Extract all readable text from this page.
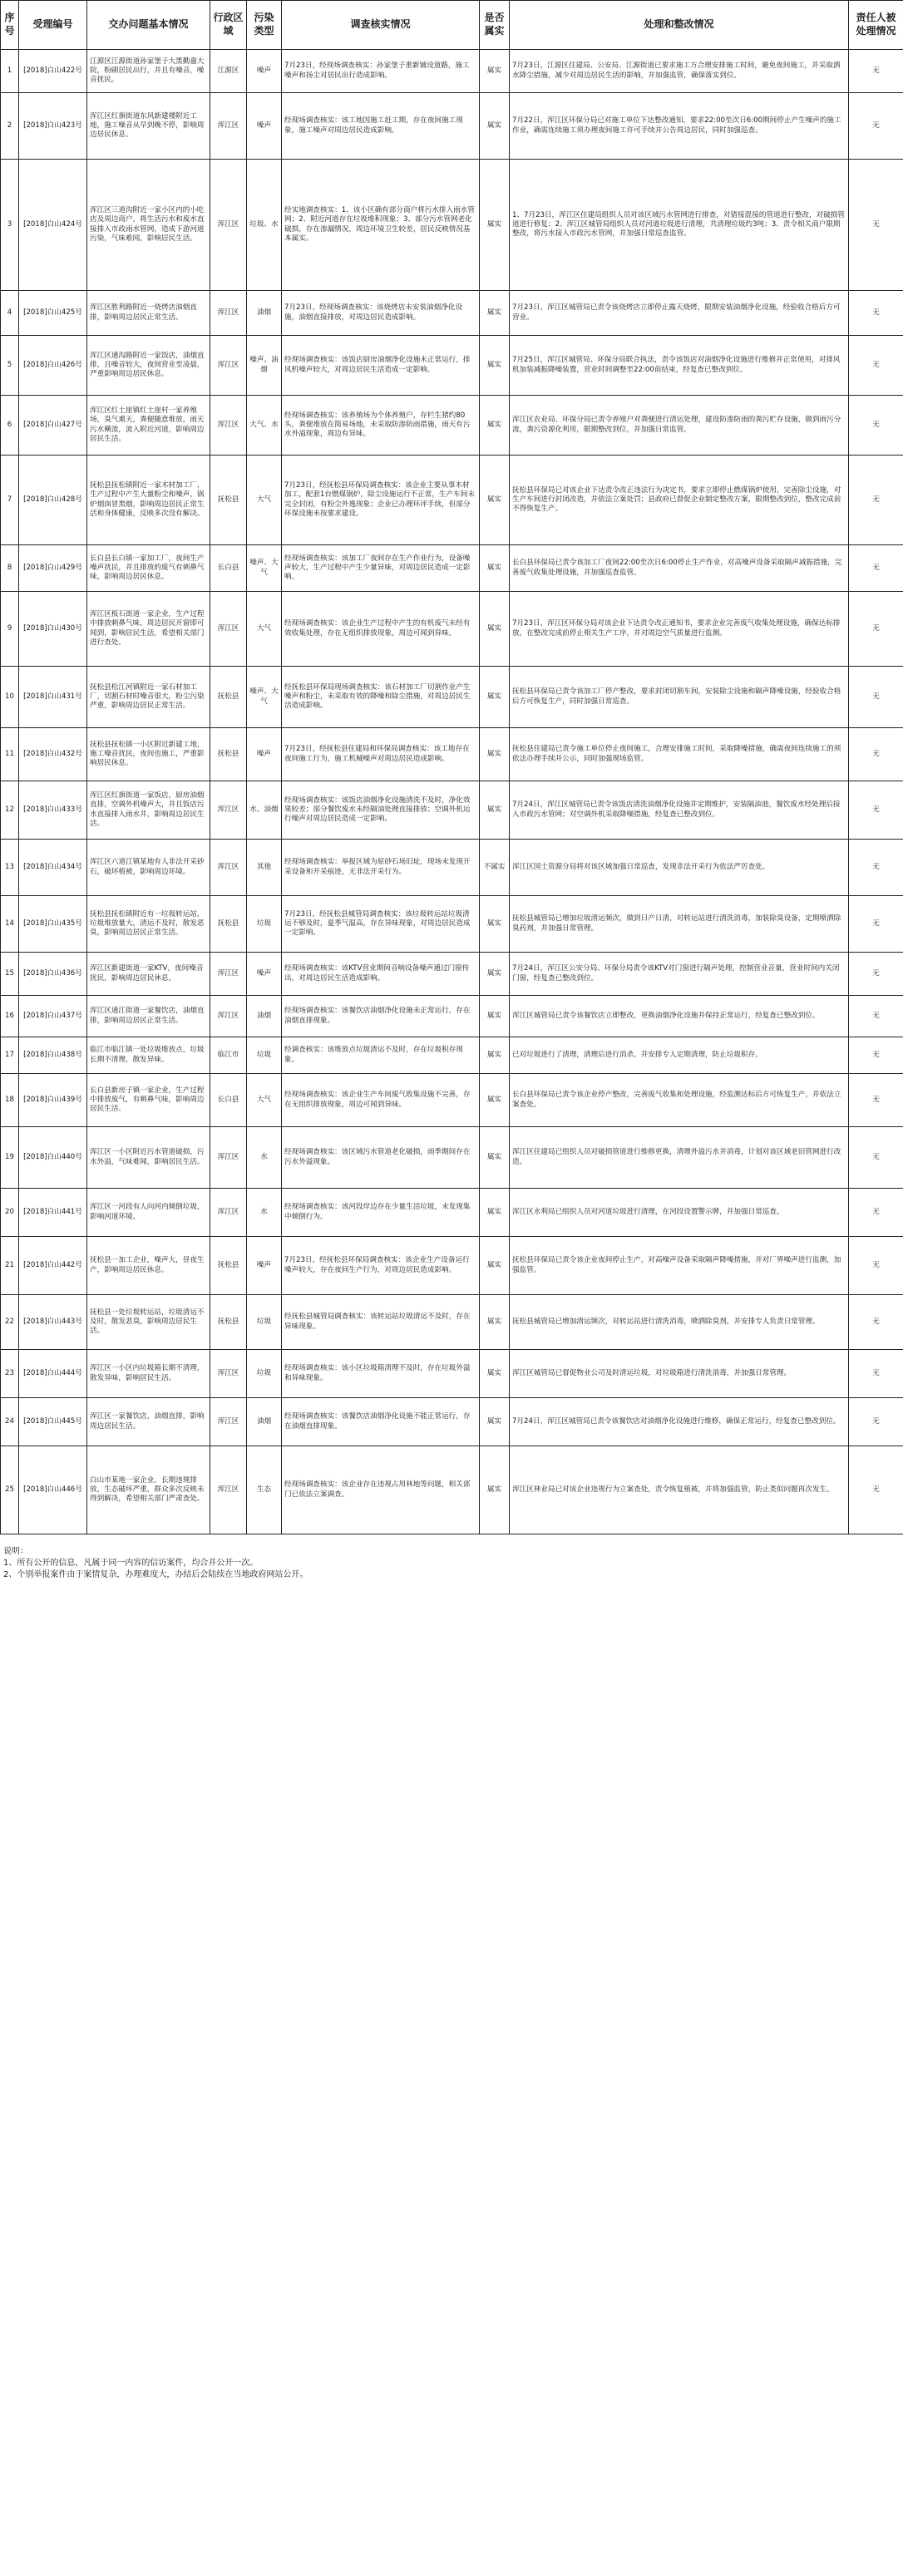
序号	受理编号	交办问题基本情况	行政区域	污染类型	调查核实情况	是否属实	处理和整改情况	责任人被处理情况
1	[2018]白山422号	江源区江源街道孙家堡子大黑勤嘉大院，粉刷居民出行，并且有噪音，噪音扰民。	江源区	噪声	7月23日，经现场调查核实：孙家堡子重新铺设道路，施工噪声和扬尘对居民出行造成影响。	属实	7月23日，江源区住建局、公安局、江源街道已要求施工方合理安排施工时间，避免夜间施工，并采取洒水降尘措施，减少对周边居民生活的影响，并加强监管，确保落实到位。	无
2	[2018]白山423号	浑江区红旗街道东风新建楼附近工地，施工噪音从早到晚不停，影响周边居民休息。	浑江区	噪声	经现场调查核实：该工地因施工赶工期，存在夜间施工现象，施工噪声对周边居民造成影响。	属实	7月22日，浑江区环保分局已对施工单位下达整改通知，要求22:00至次日6:00期间停止产生噪声的施工作业，确需连续施工须办理夜间施工许可手续并公告周边居民，同时加强巡查。	无
3	[2018]白山424号	浑江区三道沟附近一家小区内的小吃店及周边商户，将生活污水和废水直接排入市政雨水管网，造成下游河道污染，气味难闻，影响居民生活。	浑江区	垃圾、水	经实地调查核实：1、该小区确有部分商户将污水排入雨水管网；2、附近河道存在垃圾堆积现象；3、部分污水管网老化破损，存在渗漏情况，周边环境卫生较差，居民反映情况基本属实。	属实	1、7月23日，浑江区住建局组织人员对该区域污水管网进行排查，对错接混接的管道进行整改，对破损管道进行修复；2、浑江区城管局组织人员对河道垃圾进行清理，共清理垃圾约3吨；3、责令相关商户限期整改，将污水接入市政污水管网，并加强日常巡查监管。	无
4	[2018]白山425号	浑江区胜利路附近一烧烤店油烟直排，影响周边居民正常生活。	浑江区	油烟	7月23日，经现场调查核实：该烧烤店未安装油烟净化设施，油烟直接排放，对周边居民造成影响。	属实	7月23日，浑江区城管局已责令该烧烤店立即停止露天烧烤，限期安装油烟净化设施，经验收合格后方可营业。	无
5	[2018]白山426号	浑江区通沟路附近一家饭店，油烟直排，且噪音较大，夜间营业至凌晨，严重影响周边居民休息。	浑江区	噪声、油烟	经现场调查核实：该饭店厨房油烟净化设施未正常运行，排风机噪声较大，对周边居民生活造成一定影响。	属实	7月25日，浑江区城管局、环保分局联合执法，责令该饭店对油烟净化设施进行维修并正常使用，对排风机加装减振降噪装置，营业时间调整至22:00前结束，经复查已整改到位。	无
6	[2018]白山427号	浑江区红土崖镇红土崖村一家养殖场，臭气熏天，粪便随意堆放，雨天污水横流，流入附近河道，影响周边居民生活。	浑江区	大气、水	经现场调查核实：该养殖场为个体养殖户，存栏生猪约80头，粪便堆放在简易场地，未采取防渗防雨措施，雨天有污水外溢现象，周边有异味。	属实	浑江区农业局、环保分局已责令养殖户对粪便进行清运处理，建设防渗防雨的粪污贮存设施，做到雨污分流，粪污资源化利用，限期整改到位，并加强日常监管。	无
7	[2018]白山428号	抚松县抚松镇附近一家木材加工厂，生产过程中产生大量粉尘和噪声，锅炉烟囱冒黑烟，影响周边居民正常生活和身体健康，反映多次没有解决。	抚松县	大气	7月23日，经抚松县环保局调查核实：该企业主要从事木材加工，配套1台燃煤锅炉，除尘设施运行不正常，生产车间未完全封闭，有粉尘外逸现象；企业已办理环评手续，但部分环保设施未按要求建设。	属实	抚松县环保局已对该企业下达责令改正违法行为决定书，要求立即停止燃煤锅炉使用，完善除尘设施，对生产车间进行封闭改造，并依法立案处罚；县政府已督促企业制定整改方案，限期整改到位，整改完成前不得恢复生产。	无
8	[2018]白山429号	长白县长白镇一家加工厂，夜间生产噪声扰民，并且排放的废气有刺鼻气味，影响周边居民休息。	长白县	噪声、大气	经现场调查核实：该加工厂夜间存在生产作业行为，设备噪声较大，生产过程中产生少量异味，对周边居民造成一定影响。	属实	长白县环保局已责令该加工厂夜间22:00至次日6:00停止生产作业，对高噪声设备采取隔声减振措施，完善废气收集处理设施，并加强巡查监管。	无
9	[2018]白山430号	浑江区板石街道一家企业，生产过程中排放刺鼻气味，周边居民开窗即可闻到，影响居民生活，希望相关部门进行查处。	浑江区	大气	经现场调查核实：该企业生产过程中产生的有机废气未经有效收集处理，存在无组织排放现象，周边可闻到异味。	属实	7月23日，浑江区环保分局对该企业下达责令改正通知书，要求企业完善废气收集处理设施，确保达标排放，在整改完成前停止相关生产工序，并对周边空气质量进行监测。	无
10	[2018]白山431号	抚松县松江河镇附近一家石材加工厂，切割石材时噪音很大，粉尘污染严重，影响周边居民正常生活。	抚松县	噪声、大气	经抚松县环保局现场调查核实：该石材加工厂切割作业产生噪声和粉尘，未采取有效的降噪和除尘措施，对周边居民生活造成影响。	属实	抚松县环保局已责令该加工厂停产整改，要求封闭切割车间，安装除尘设施和隔声降噪设施，经验收合格后方可恢复生产，同时加强日常巡查。	无
11	[2018]白山432号	抚松县抚松镇一小区附近新建工地，施工噪音扰民，夜间也施工，严重影响居民休息。	抚松县	噪声	7月23日，经抚松县住建局和环保局调查核实：该工地存在夜间施工行为，施工机械噪声对周边居民造成影响。	属实	抚松县住建局已责令施工单位停止夜间施工，合理安排施工时间，采取降噪措施，确需夜间连续施工的须依法办理手续并公示，同时加强现场监管。	无
12	[2018]白山433号	浑江区红旗街道一家饭店，厨房油烟直排，空调外机噪声大，并且饭店污水直接排入雨水井，影响周边居民生活。	浑江区	水、油烟	经现场调查核实：该饭店油烟净化设施清洗不及时，净化效果较差；部分餐饮废水未经隔油处理直接排放；空调外机运行噪声对周边居民造成一定影响。	属实	7月24日，浑江区城管局已责令该饭店清洗油烟净化设施并定期维护，安装隔油池，餐饮废水经处理后接入市政污水管网；对空调外机采取降噪措施，经复查已整改到位。	无
13	[2018]白山434号	浑江区六道江镇某地有人非法开采砂石，破坏植被，影响周边环境。	浑江区	其他	经现场调查核实：举报区域为原砂石场旧址，现场未发现开采设备和开采痕迹，无非法开采行为。	不属实	浑江区国土资源分局将对该区域加强日常巡查，发现非法开采行为依法严厉查处。	无
14	[2018]白山435号	抚松县抚松镇附近有一垃圾转运站，垃圾堆放量大，清运不及时，散发恶臭，影响周边居民正常生活。	抚松县	垃圾	7月23日，经抚松县城管局调查核实：该垃圾转运站垃圾清运不够及时，夏季气温高，存在异味现象，对周边居民造成一定影响。	属实	抚松县城管局已增加垃圾清运频次，做到日产日清，对转运站进行清洗消毒，加装除臭设备，定期喷洒除臭药剂，并加强日常管理。	无
15	[2018]白山436号	浑江区新建街道一家KTV，夜间噪音扰民，影响周边居民休息。	浑江区	噪声	经现场调查核实：该KTV营业期间音响设备噪声通过门窗传出，对周边居民生活造成影响。	属实	7月24日，浑江区公安分局、环保分局责令该KTV对门窗进行隔声处理，控制营业音量，营业时间内关闭门窗，经复查已整改到位。	无
16	[2018]白山437号	浑江区通江街道一家餐饮店，油烟直排，影响周边居民正常生活。	浑江区	油烟	经现场调查核实：该餐饮店油烟净化设施未正常运行，存在油烟直排现象。	属实	浑江区城管局已责令该餐饮店立即整改，更换油烟净化设施并保持正常运行，经复查已整改到位。	无
17	[2018]白山438号	临江市临江镇一处垃圾堆放点，垃圾长期不清理，散发异味。	临江市	垃圾	经调查核实：该堆放点垃圾清运不及时，存在垃圾积存现象。	属实	已对垃圾进行了清理，清理后进行消杀，并安排专人定期清理，防止垃圾积存。	无
18	[2018]白山439号	长白县新房子镇一家企业，生产过程中排放废气，有刺鼻气味，影响周边居民生活。	长白县	大气	经现场调查核实：该企业生产车间废气收集设施不完善，存在无组织排放现象，周边可闻到异味。	属实	长白县环保局已责令该企业停产整改，完善废气收集和处理设施，经监测达标后方可恢复生产，并依法立案查处。	无
19	[2018]白山440号	浑江区一小区附近污水管道破损，污水外溢，气味难闻，影响居民生活。	浑江区	水	经现场调查核实：该区域污水管道老化破损，雨季期间存在污水外溢现象。	属实	浑江区住建局已组织人员对破损管道进行维修更换，清理外溢污水并消毒，计划对该区域老旧管网进行改造。	无
20	[2018]白山441号	浑江区一河段有人向河内倾倒垃圾，影响河道环境。	浑江区	水	经现场调查核实：该河段岸边存在少量生活垃圾，未发现集中倾倒行为。	属实	浑江区水利局已组织人员对河道垃圾进行清理，在河段设置警示牌，并加强日常巡查。	无
21	[2018]白山442号	抚松县一加工企业，噪声大，昼夜生产，影响周边居民休息。	抚松县	噪声	7月23日，经抚松县环保局调查核实：该企业生产设备运行噪声较大，存在夜间生产行为，对周边居民造成影响。	属实	抚松县环保局已责令该企业夜间停止生产，对高噪声设备采取隔声降噪措施，并对厂界噪声进行监测，加强监管。	无
22	[2018]白山443号	抚松县一处垃圾转运站，垃圾清运不及时，散发恶臭，影响周边居民生活。	抚松县	垃圾	经抚松县城管局调查核实：该转运站垃圾清运不及时，存在异味现象。	属实	抚松县城管局已增加清运频次，对转运站进行清洗消毒，喷洒除臭剂，并安排专人负责日常管理。	无
23	[2018]白山444号	浑江区一小区内垃圾箱长期不清理，散发异味，影响居民生活。	浑江区	垃圾	经现场调查核实：该小区垃圾箱清理不及时，存在垃圾外溢和异味现象。	属实	浑江区城管局已督促物业公司及时清运垃圾，对垃圾箱进行清洗消毒，并加强日常管理。	无
24	[2018]白山445号	浑江区一家餐饮店，油烟直排，影响周边居民生活。	浑江区	油烟	经现场调查核实：该餐饮店油烟净化设施不能正常运行，存在油烟直排现象。	属实	7月24日，浑江区城管局已责令该餐饮店对油烟净化设施进行维修，确保正常运行，经复查已整改到位。	无
25	[2018]白山446号	白山市某地一家企业，长期违规排放，生态破坏严重，群众多次反映未得到解决，希望相关部门严肃查处。	浑江区	生态	经现场调查核实：该企业存在违规占用林地等问题，相关部门已依法立案调查。	属实	浑江区林业局已对该企业违规行为立案查处，责令恢复植被，并将加强监管，防止类似问题再次发生。	无
说明：
1、所有公开的信息，凡属于同一内容的信访案件，均合并公开一次。
2、个别举报案件由于案情复杂，办理难度大，办结后会陆续在当地政府网站公开。
